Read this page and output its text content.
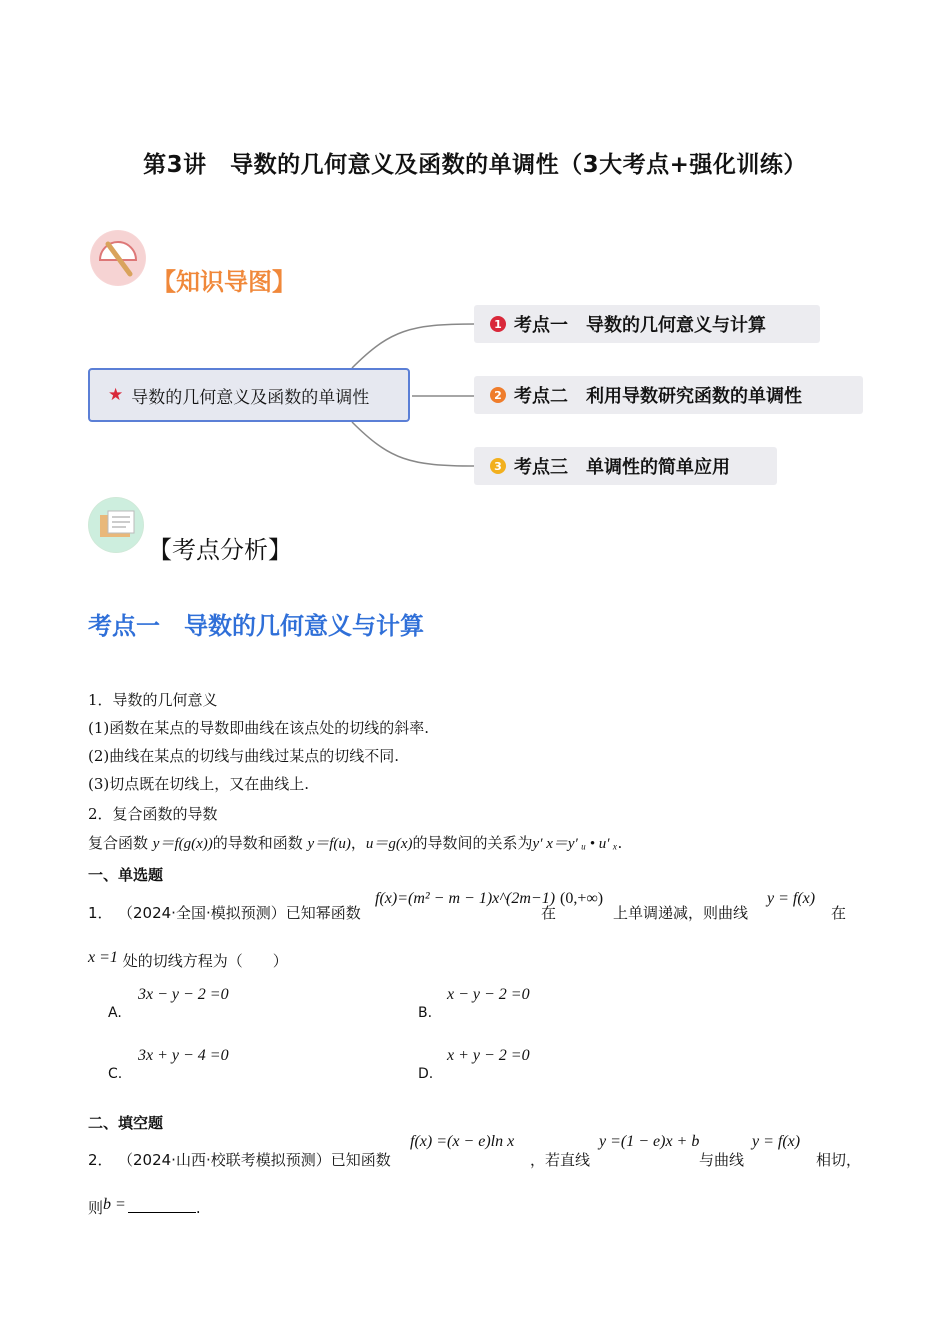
第3讲　导数的几何意义及函数的单调性（3大考点+强化训练）
【知识导图】
★ 导数的几何意义及函数的单调性
1 考点一　导数的几何意义与计算
2 考点二　利用导数研究函数的单调性
3 考点三　单调性的简单应用
【考点分析】
考点一　导数的几何意义与计算
1．导数的几何意义
(1)函数在某点的导数即曲线在该点处的切线的斜率.
(2)曲线在某点的切线与曲线过某点的切线不同.
(3)切点既在切线上，又在曲线上.
2．复合函数的导数
复合函数 y＝f(g(x))的导数和函数 y＝f(u)，u＝g(x)的导数间的关系为y′ x＝y′ ᵤ • u′ ₓ.
一、单选题
1． （2024·全国·模拟预测）已知幂函数
f(x)=(m² − m − 1)x^(2m−1)
在
(0,+∞)
上单调递减，则曲线
y = f(x)
在
x =1 处的切线方程为（　　）
3x − y − 2 =0
A.
x − y − 2 =0
B.
3x + y − 4 =0
C.
x + y − 2 =0
D.
二、填空题
2． （2024·山西·校联考模拟预测）已知函数
f(x) =(x − e)ln x
，若直线
y =(1 − e)x + b
与曲线
y = f(x)
相切，
则b =	.
